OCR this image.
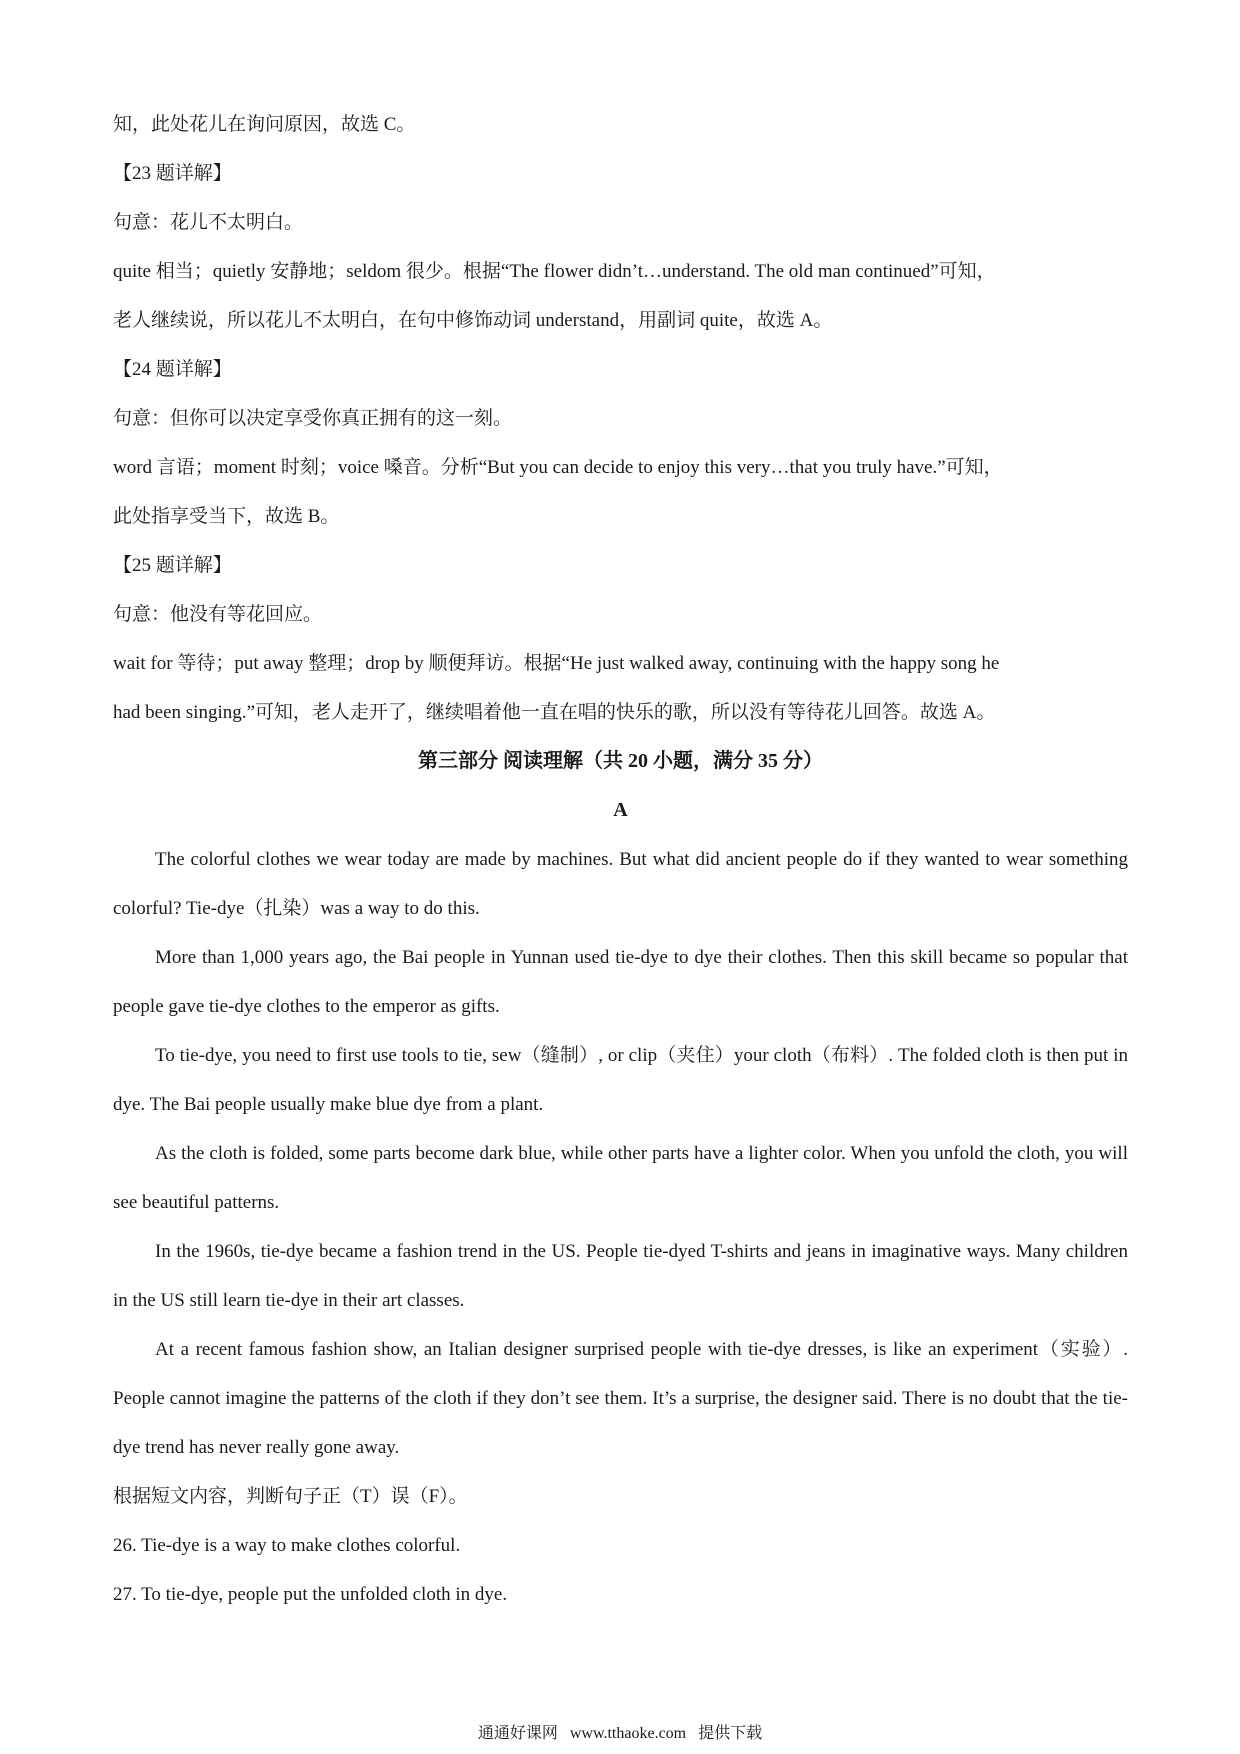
知，此处花儿在询问原因，故选 C。

【23 题详解】

句意：花儿不太明白。

quite 相当；quietly 安静地；seldom 很少。根据“The flower didn’t…understand. The old man continued”可知，

老人继续说，所以花儿不太明白，在句中修饰动词 understand，用副词 quite，故选 A。

【24 题详解】

句意：但你可以决定享受你真正拥有的这一刻。

word 言语；moment 时刻；voice 嗓音。分析“But you can decide to enjoy this very…that you truly have.”可知，

此处指享受当下，故选 B。

【25 题详解】

句意：他没有等花回应。

wait for 等待；put away 整理；drop by 顺便拜访。根据“He just walked away, continuing with the happy song he

had been singing.”可知，老人走开了，继续唱着他一直在唱的快乐的歌，所以没有等待花儿回答。故选 A。

第三部分 阅读理解（共 20 小题，满分 35 分）

A

The colorful clothes we wear today are made by machines. But what did ancient people do if they wanted to wear something colorful? Tie-dye（扎染）was a way to do this.

More than 1,000 years ago, the Bai people in Yunnan used tie-dye to dye their clothes. Then this skill became so popular that people gave tie-dye clothes to the emperor as gifts.

To tie-dye, you need to first use tools to tie, sew（缝制）, or clip（夹住）your cloth（布料）. The folded cloth is then put in dye. The Bai people usually make blue dye from a plant.

As the cloth is folded, some parts become dark blue, while other parts have a lighter color. When you unfold the cloth, you will see beautiful patterns.

In the 1960s, tie-dye became a fashion trend in the US. People tie-dyed T-shirts and jeans in imaginative ways. Many children in the US still learn tie-dye in their art classes.

At a recent famous fashion show, an Italian designer surprised people with tie-dye dresses, is like an experiment（实验）. People cannot imagine the patterns of the cloth if they don’t see them. It’s a surprise, the designer said. There is no doubt that the tie-dye trend has never really gone away.

根据短文内容，判断句子正（T）误（F）。

26. Tie-dye is a way to make clothes colorful.

27. To tie-dye, people put the unfolded cloth in dye.

通通好课网 www.tthaoke.com 提供下载
